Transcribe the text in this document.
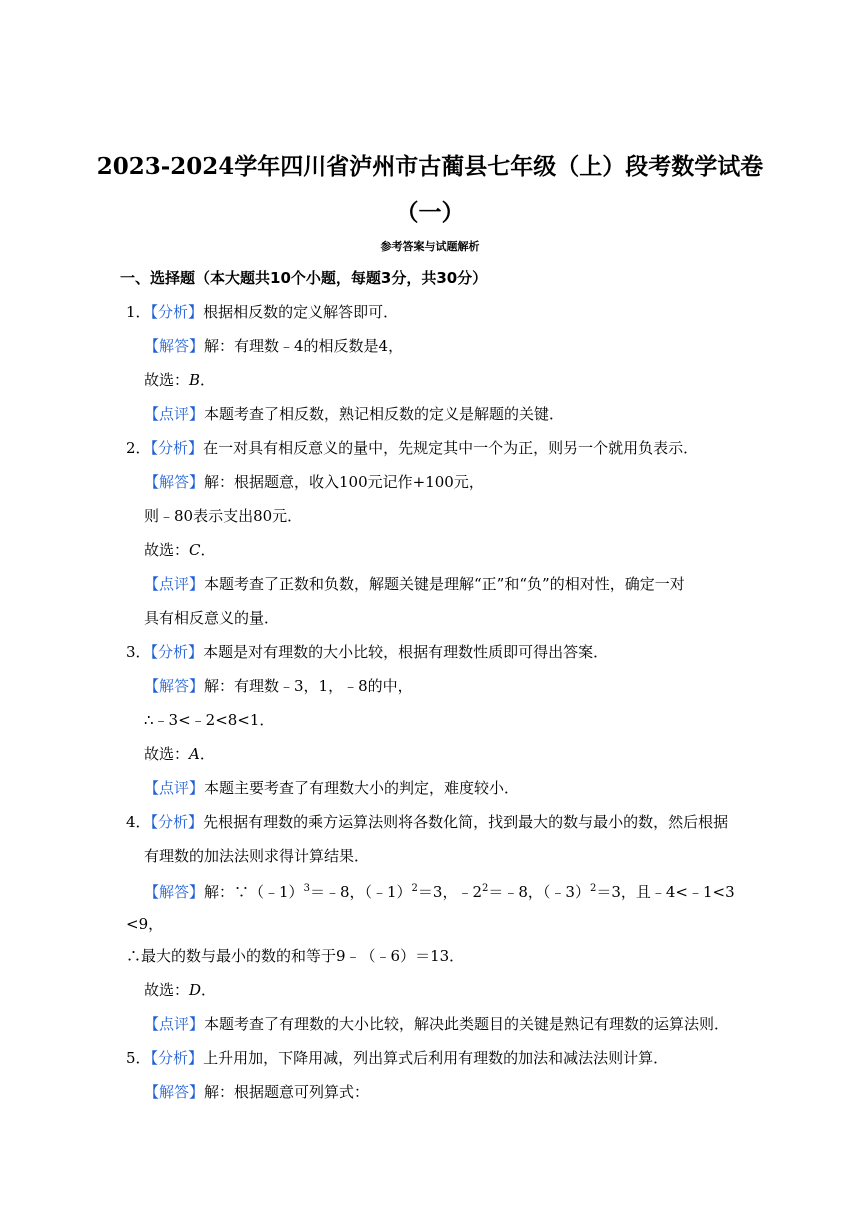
2023-2024学年四川省泸州市古蔺县七年级（上）段考数学试卷
（一）
参考答案与试题解析
一、选择题（本大题共10个小题，每题3分，共30分）
1．【分析】根据相反数的定义解答即可．
【解答】解：有理数﹣4的相反数是4，
故选：B．
【点评】本题考查了相反数，熟记相反数的定义是解题的关键．
2．【分析】在一对具有相反意义的量中，先规定其中一个为正，则另一个就用负表示．
【解答】解：根据题意，收入100元记作+100元，
则﹣80表示支出80元．
故选：C．
【点评】本题考查了正数和负数，解题关键是理解“正”和“负”的相对性，确定一对
具有相反意义的量．
3．【分析】本题是对有理数的大小比较，根据有理数性质即可得出答案．
【解答】解：有理数﹣3，1，﹣8的中，
∴﹣3<﹣2<8<1．
故选：A．
【点评】本题主要考查了有理数大小的判定，难度较小．
4．【分析】先根据有理数的乘方运算法则将各数化简，找到最大的数与最小的数，然后根据
有理数的加法法则求得计算结果．
【解答】解：∵（﹣1）$^3$＝﹣8，（﹣1）$^2$＝3，$﹣2^2=﹣8$，（﹣3）$^2$＝3，且﹣4<﹣1<3
<9，
∴最大的数与最小的数的和等于9﹣（﹣6）＝13．
故选：D．
【点评】本题考查了有理数的大小比较，解决此类题目的关键是熟记有理数的运算法则．
5．【分析】上升用加，下降用减，列出算式后利用有理数的加法和减法法则计算．
【解答】解：根据题意可列算式：
